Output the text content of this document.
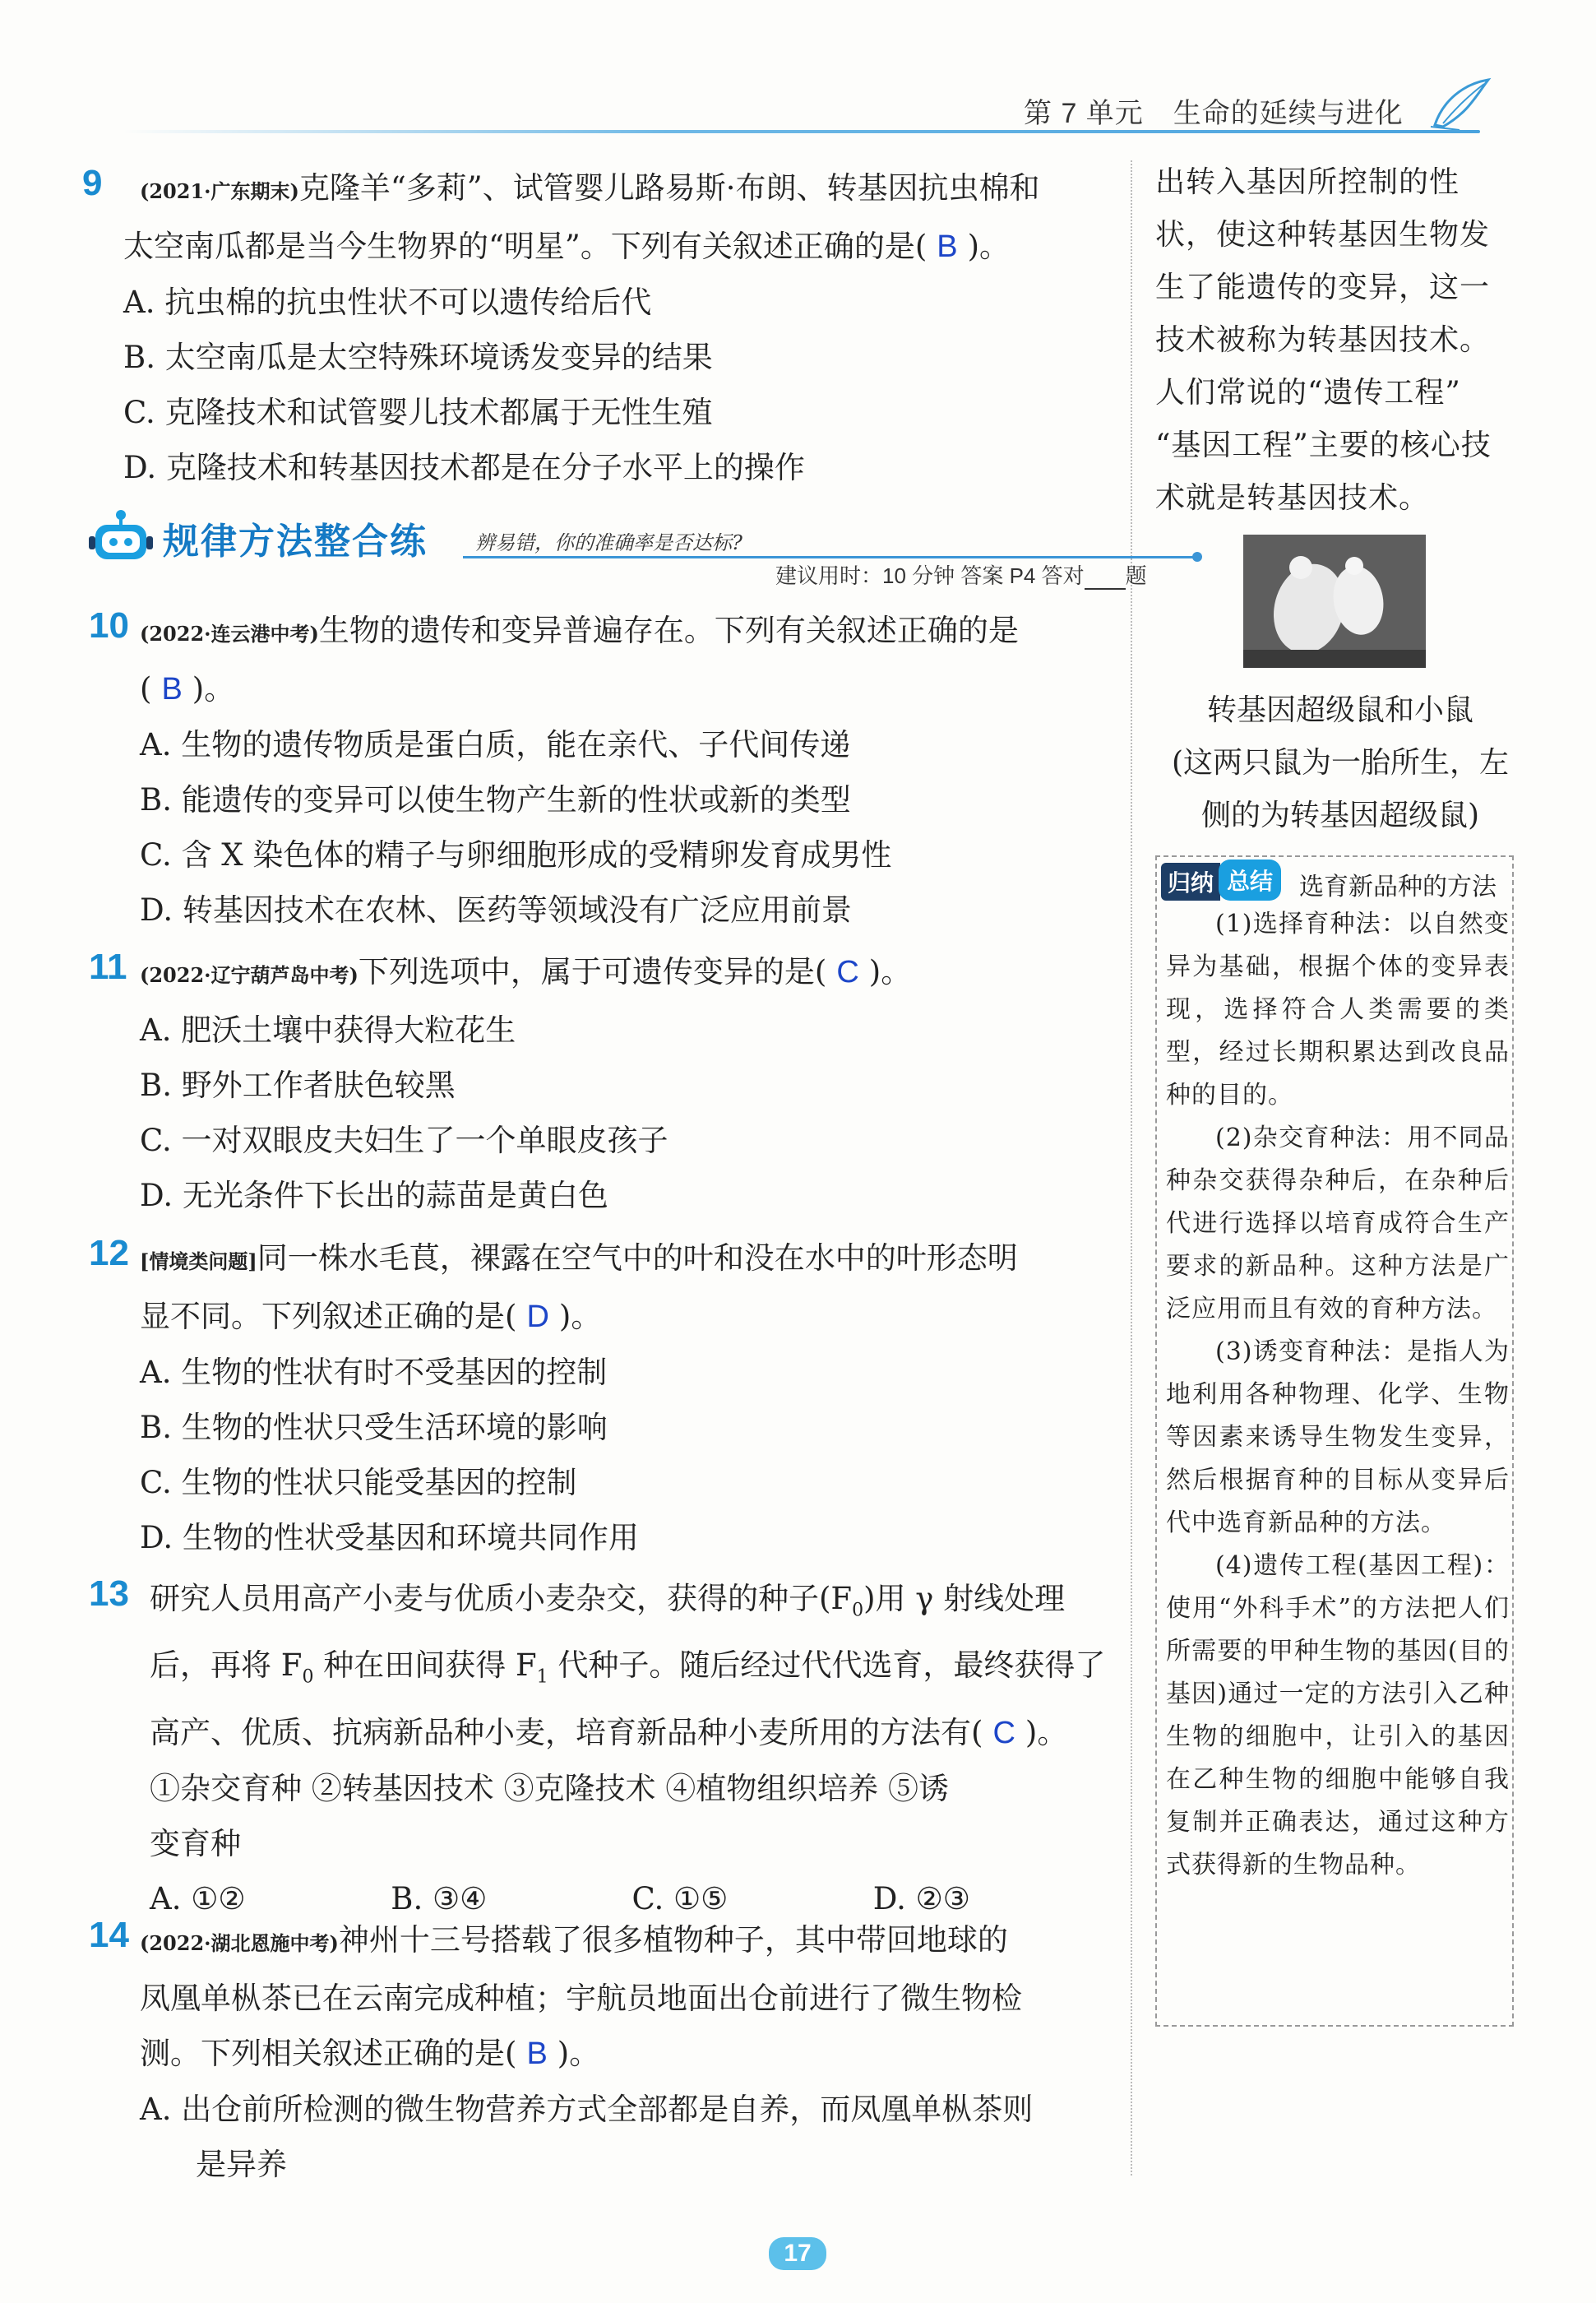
第 7 单元 生命的延续与进化
9 (2021·广东期末)克隆羊“多莉”、试管婴儿路易斯·布朗、转基因抗虫棉和
太空南瓜都是当今生物界的“明星”。下列有关叙述正确的是( B )。
A. 抗虫棉的抗虫性状不可以遗传给后代
B. 太空南瓜是太空特殊环境诱发变异的结果
C. 克隆技术和试管婴儿技术都属于无性生殖
D. 克隆技术和转基因技术都是在分子水平上的操作
规律方法整合练 辨易错，你的准确率是否达标?
建议用时：10 分钟 答案 P4 答对 题
10 (2022·连云港中考)生物的遗传和变异普遍存在。下列有关叙述正确的是
( B )。
A. 生物的遗传物质是蛋白质，能在亲代、子代间传递
B. 能遗传的变异可以使生物产生新的性状或新的类型
C. 含 X 染色体的精子与卵细胞形成的受精卵发育成男性
D. 转基因技术在农林、医药等领域没有广泛应用前景
11 (2022·辽宁葫芦岛中考)下列选项中，属于可遗传变异的是( C )。
A. 肥沃土壤中获得大粒花生
B. 野外工作者肤色较黑
C. 一对双眼皮夫妇生了一个单眼皮孩子
D. 无光条件下长出的蒜苗是黄白色
12 [情境类问题]同一株水毛茛，裸露在空气中的叶和没在水中的叶形态明
显不同。下列叙述正确的是( D )。
A. 生物的性状有时不受基因的控制
B. 生物的性状只受生活环境的影响
C. 生物的性状只能受基因的控制
D. 生物的性状受基因和环境共同作用
13 研究人员用高产小麦与优质小麦杂交，获得的种子$(F_0)$用 γ 射线处理
后，再将 $F_0$ 种在田间获得 $F_1$ 代种子。随后经过代代选育，最终获得了
高产、优质、抗病新品种小麦，培育新品种小麦所用的方法有( C )。
①杂交育种 ②转基因技术 ③克隆技术 ④植物组织培养 ⑤诱
变育种
A. ①②	B. ③④	C. ①⑤	D. ②③
14 (2022·湖北恩施中考)神州十三号搭载了很多植物种子，其中带回地球的
凤凰单枞茶已在云南完成种植；宇航员地面出仓前进行了微生物检
测。下列相关叙述正确的是( B )。
A. 出仓前所检测的微生物营养方式全部都是自养，而凤凰单枞茶则
是异养
出转入基因所控制的性
状，使这种转基因生物发
生了能遗传的变异，这一
技术被称为转基因技术。
人们常说的“遗传工程”
“基因工程”主要的核心技
术就是转基因技术。
转基因超级鼠和小鼠
(这两只鼠为一胎所生，左
侧的为转基因超级鼠)
归纳 总结	选育新品种的方法

(1)选择育种法：以自然变异为基础，根据个体的变异表现，选择符合人类需要的类型，经过长期积累达到改良品种的目的。

(2)杂交育种法：用不同品种杂交获得杂种后，在杂种后代进行选择以培育成符合生产要求的新品种。这种方法是广泛应用而且有效的育种方法。

(3)诱变育种法：是指人为地利用各种物理、化学、生物等因素来诱导生物发生变异，然后根据育种的目标从变异后代中选育新品种的方法。

(4)遗传工程(基因工程)：使用“外科手术”的方法把人们所需要的甲种生物的基因(目的基因)通过一定的方法引入乙种生物的细胞中，让引入的基因在乙种生物的细胞中能够自我复制并正确表达，通过这种方式获得新的生物品种。

17
